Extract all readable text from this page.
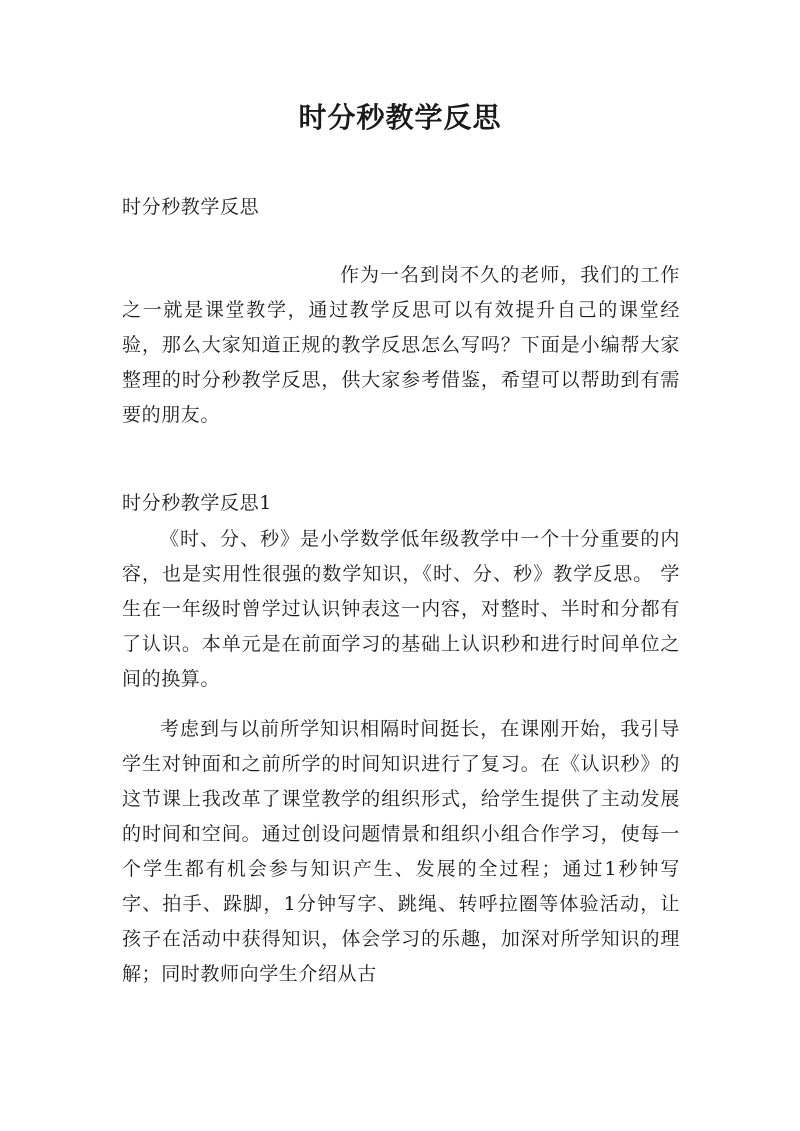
时分秒教学反思

时分秒教学反思

作为一名到岗不久的老师，我们的工作之一就是课堂教学，通过教学反思可以有效提升自己的课堂经验，那么大家知道正规的教学反思怎么写吗？下面是小编帮大家整理的时分秒教学反思，供大家参考借鉴，希望可以帮助到有需要的朋友。

时分秒教学反思1

《时、分、秒》是小学数学低年级教学中一个十分重要的内容，也是实用性很强的数学知识，《时、分、秒》教学反思。 学生在一年级时曾学过认识钟表这一内容，对整时、半时和分都有了认识。本单元是在前面学习的基础上认识秒和进行时间单位之间的换算。

考虑到与以前所学知识相隔时间挺长，在课刚开始，我引导学生对钟面和之前所学的时间知识进行了复习。在《认识秒》的这节课上我改革了课堂教学的组织形式，给学生提供了主动发展的时间和空间。通过创设问题情景和组织小组合作学习，使每一个学生都有机会参与知识产生、发展的全过程；通过1秒钟写字、拍手、跺脚，1分钟写字、跳绳、转呼拉圈等体验活动，让孩子在活动中获得知识，体会学习的乐趣，加深对所学知识的理解；同时教师向学生介绍从古
